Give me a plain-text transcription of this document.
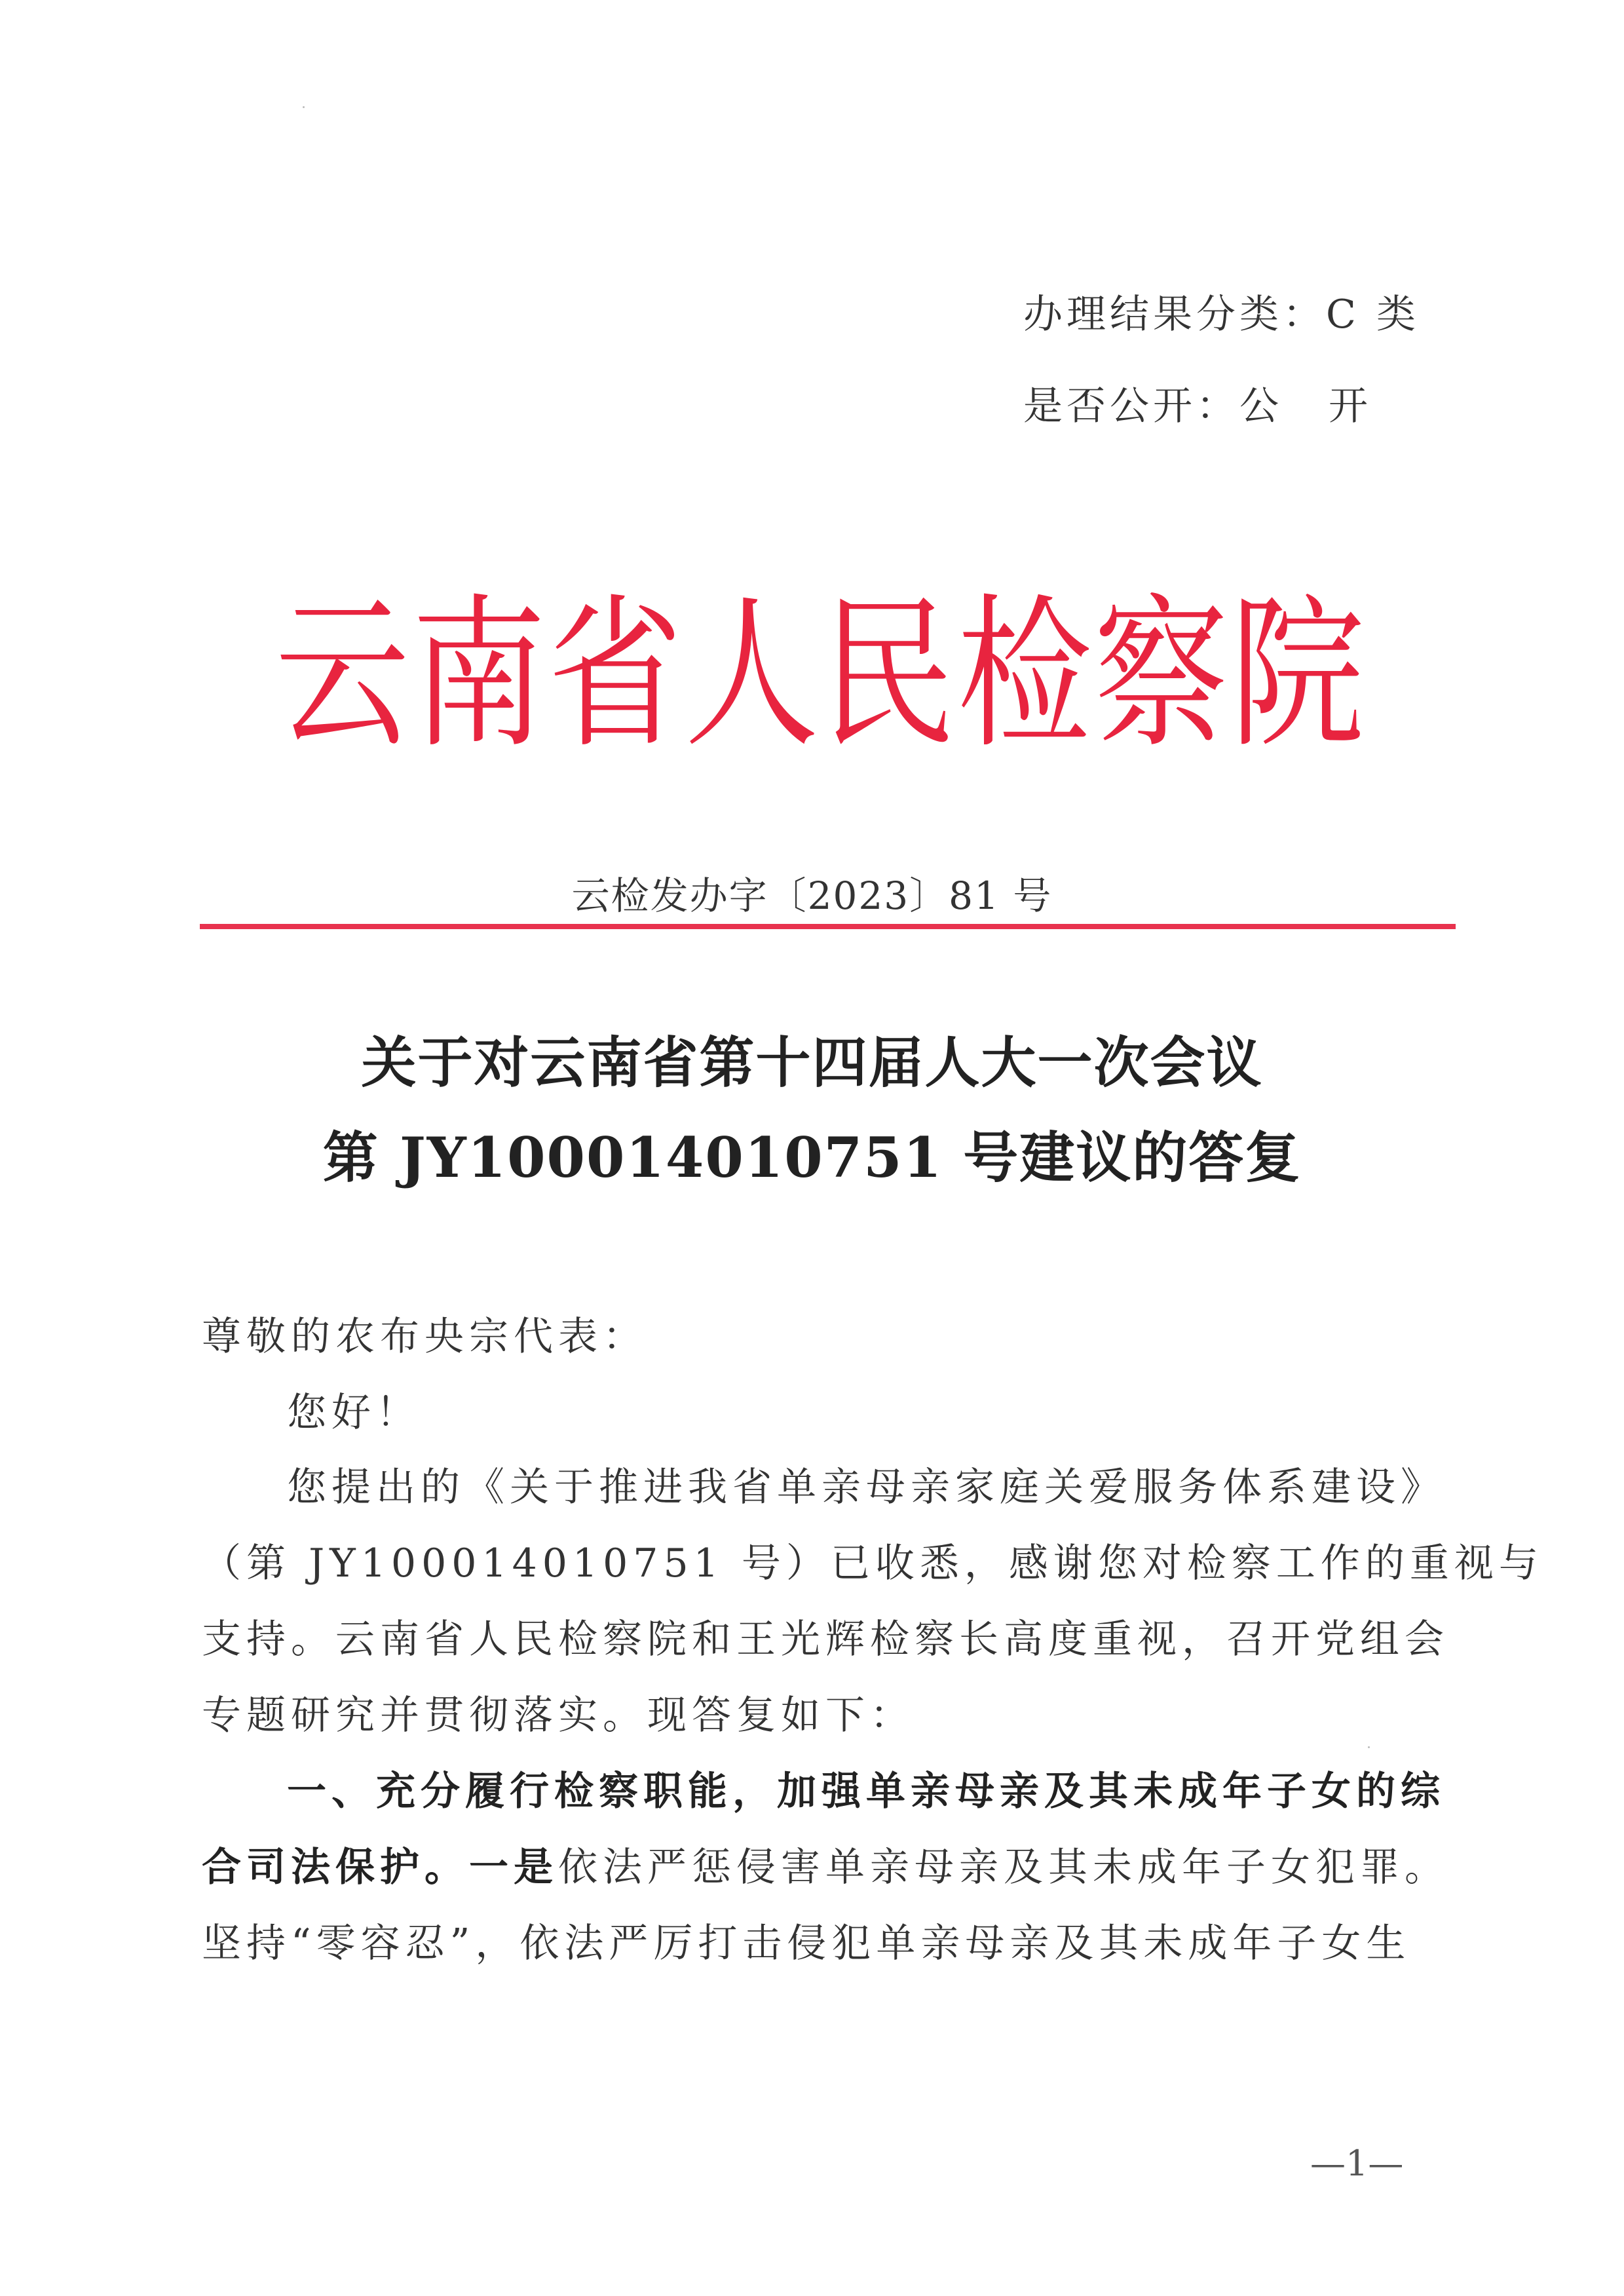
办理结果分类：C 类
是否公开：公 开
云南省人民检察院
云检发办字〔2023〕81 号
关于对云南省第十四届人大一次会议
第 JY100014010751 号建议的答复
尊敬的农布央宗代表：
您好！
您提出的《关于推进我省单亲母亲家庭关爱服务体系建设》
（第 JY100014010751 号）已收悉，感谢您对检察工作的重视与
支持。云南省人民检察院和王光辉检察长高度重视，召开党组会
专题研究并贯彻落实。现答复如下：
一、充分履行检察职能，加强单亲母亲及其未成年子女的综
合司法保护。一是依法严惩侵害单亲母亲及其未成年子女犯罪。
坚持“零容忍”，依法严厉打击侵犯单亲母亲及其未成年子女生
—1—
